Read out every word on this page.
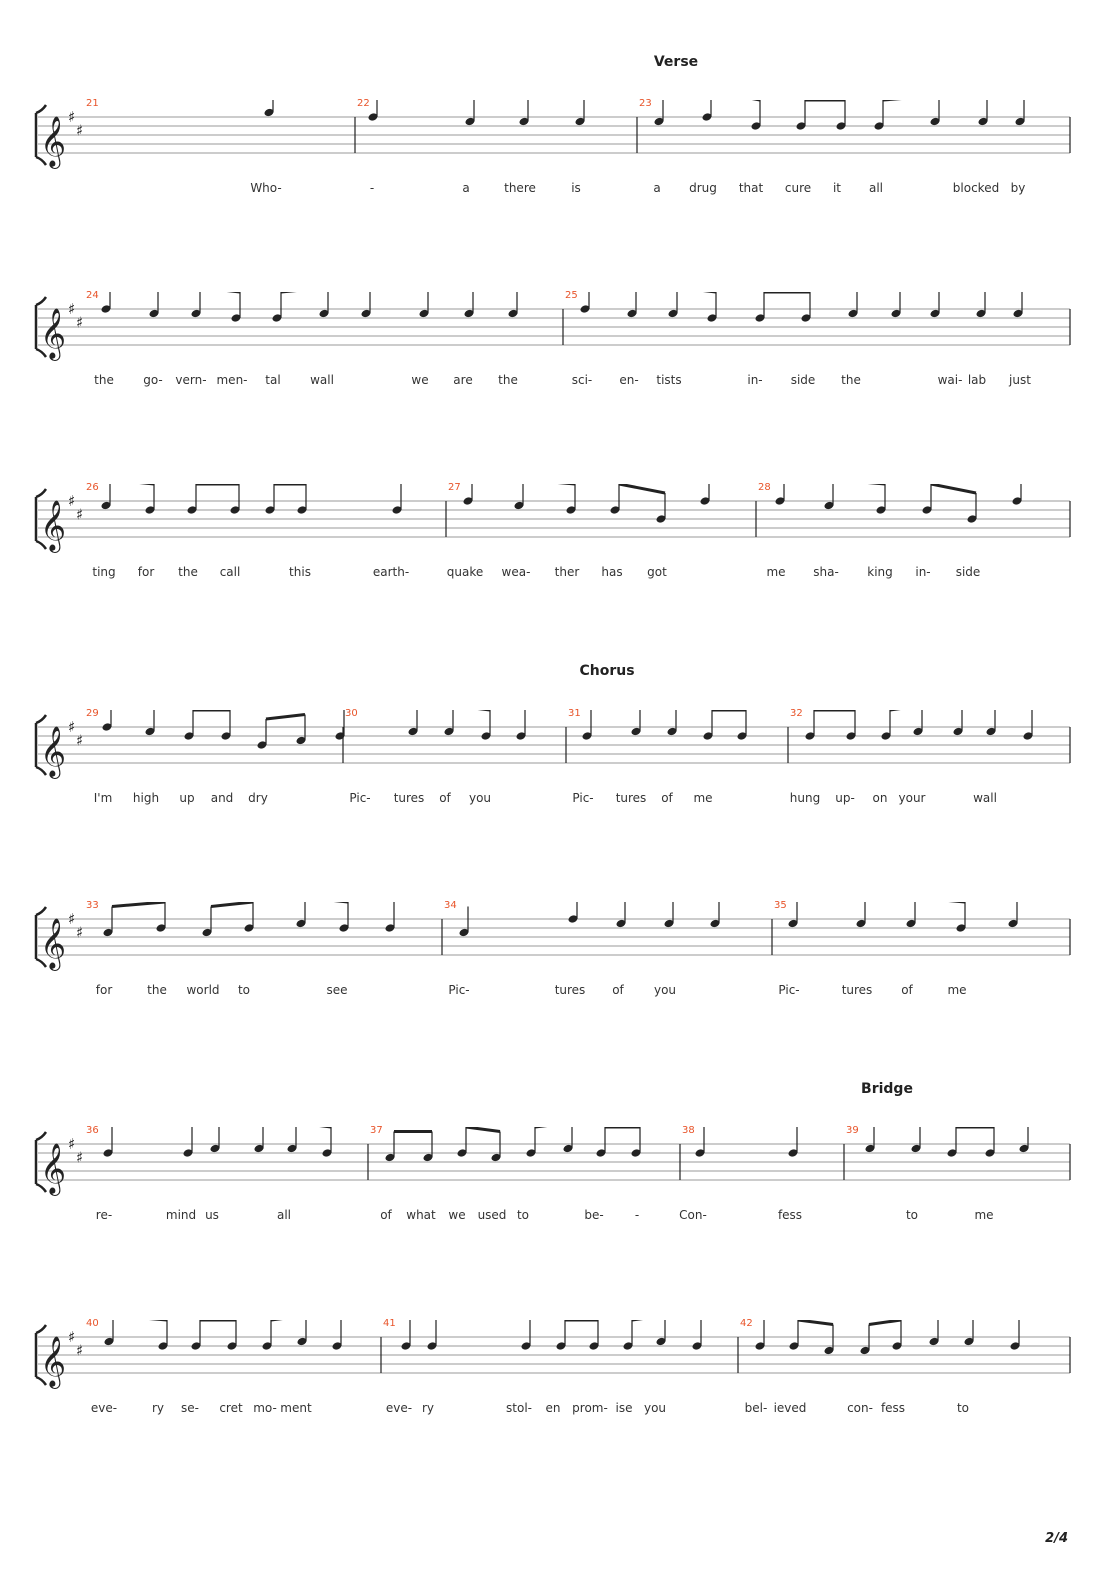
Verse
Chorus
Bridge
𝄞 ♯
♯
21	22	23
Who-	-	a	there	is	a drug that cure it all	blocked by
𝄞 ♯
♯
24	25
the go- vern- men- tal wall	we are the	sci- en- tists	in- side the	lab just
wai-
𝄞 ♯
♯
26	27	28
ting for the call	this	earth-	quake wea- ther has got	me sha- king in- side
𝄞 ♯
♯
29	30	31	32
I'm high up and dry	Pic- tures of you	Pic- tures of me	hung up- on your	wall
𝄞 ♯
♯
33	34	35
for	the world to	see	Pic-	tures of	you	Pic-	tures of	me
𝄞 ♯
♯
36	37	38	39
re-	mind us	all	of what we used to	be-	-	Con-	fess	to	me
𝄞 ♯
♯
40	41	42
eve-	ry se- cret mo- ment	eve- ry	stol- en prom- ise you	bel- ieved	con- fess	to
2/4
